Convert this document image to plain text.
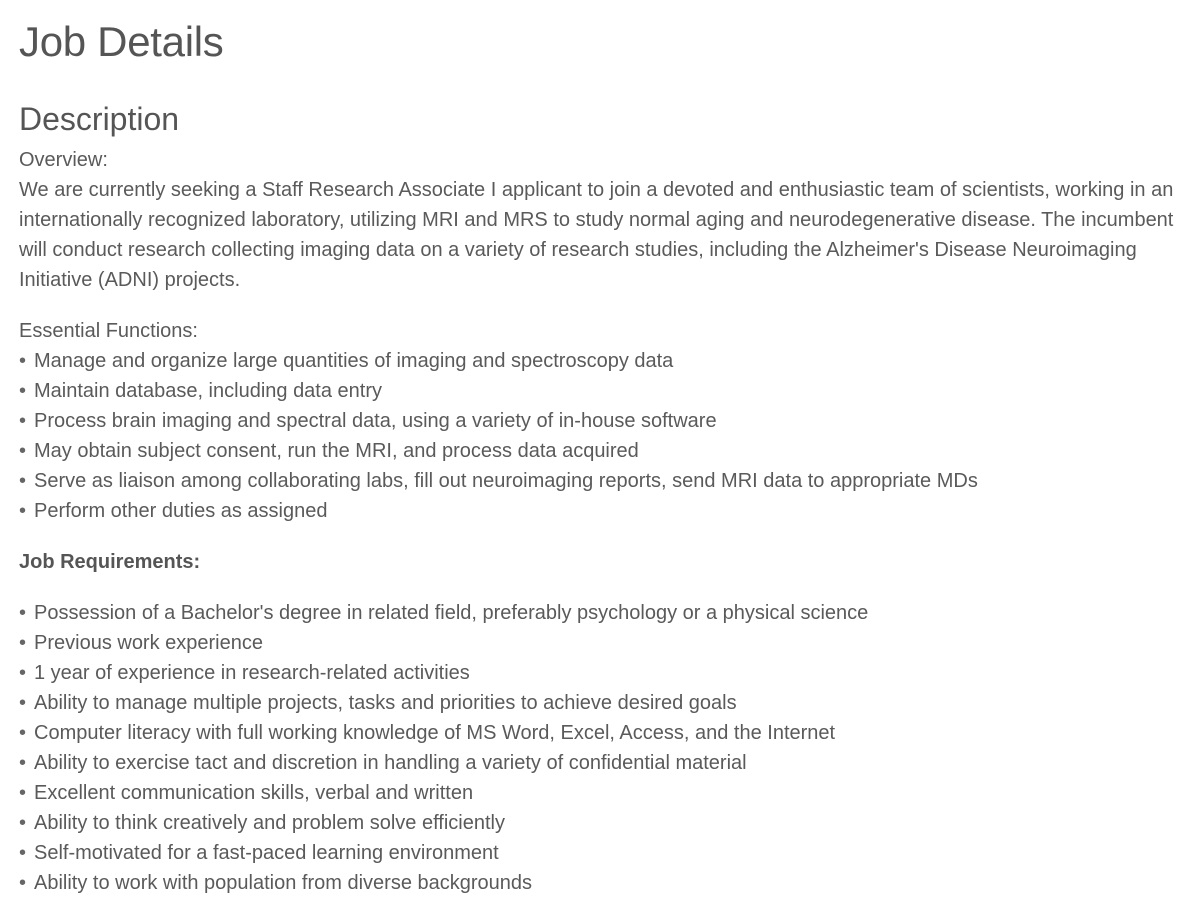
Job Details
Description

Overview:

We are currently seeking a Staff Research Associate I applicant to join a devoted and enthusiastic team of scientists, working in an internationally recognized laboratory, utilizing MRI and MRS to study normal aging and neurodegenerative disease. The incumbent will conduct research collecting imaging data on a variety of research studies, including the Alzheimer's Disease Neuroimaging Initiative (ADNI) projects.

Essential Functions:

• Manage and organize large quantities of imaging and spectroscopy data
• Maintain database, including data entry
• Process brain imaging and spectral data, using a variety of in-house software
• May obtain subject consent, run the MRI, and process data acquired
• Serve as liaison among collaborating labs, fill out neuroimaging reports, send MRI data to appropriate MDs
• Perform other duties as assigned

Job Requirements:

• Possession of a Bachelor's degree in related field, preferably psychology or a physical science
• Previous work experience
• 1 year of experience in research-related activities
• Ability to manage multiple projects, tasks and priorities to achieve desired goals
• Computer literacy with full working knowledge of MS Word, Excel, Access, and the Internet
• Ability to exercise tact and discretion in handling a variety of confidential material
• Excellent communication skills, verbal and written
• Ability to think creatively and problem solve efficiently
• Self-motivated for a fast-paced learning environment
• Ability to work with population from diverse backgrounds
